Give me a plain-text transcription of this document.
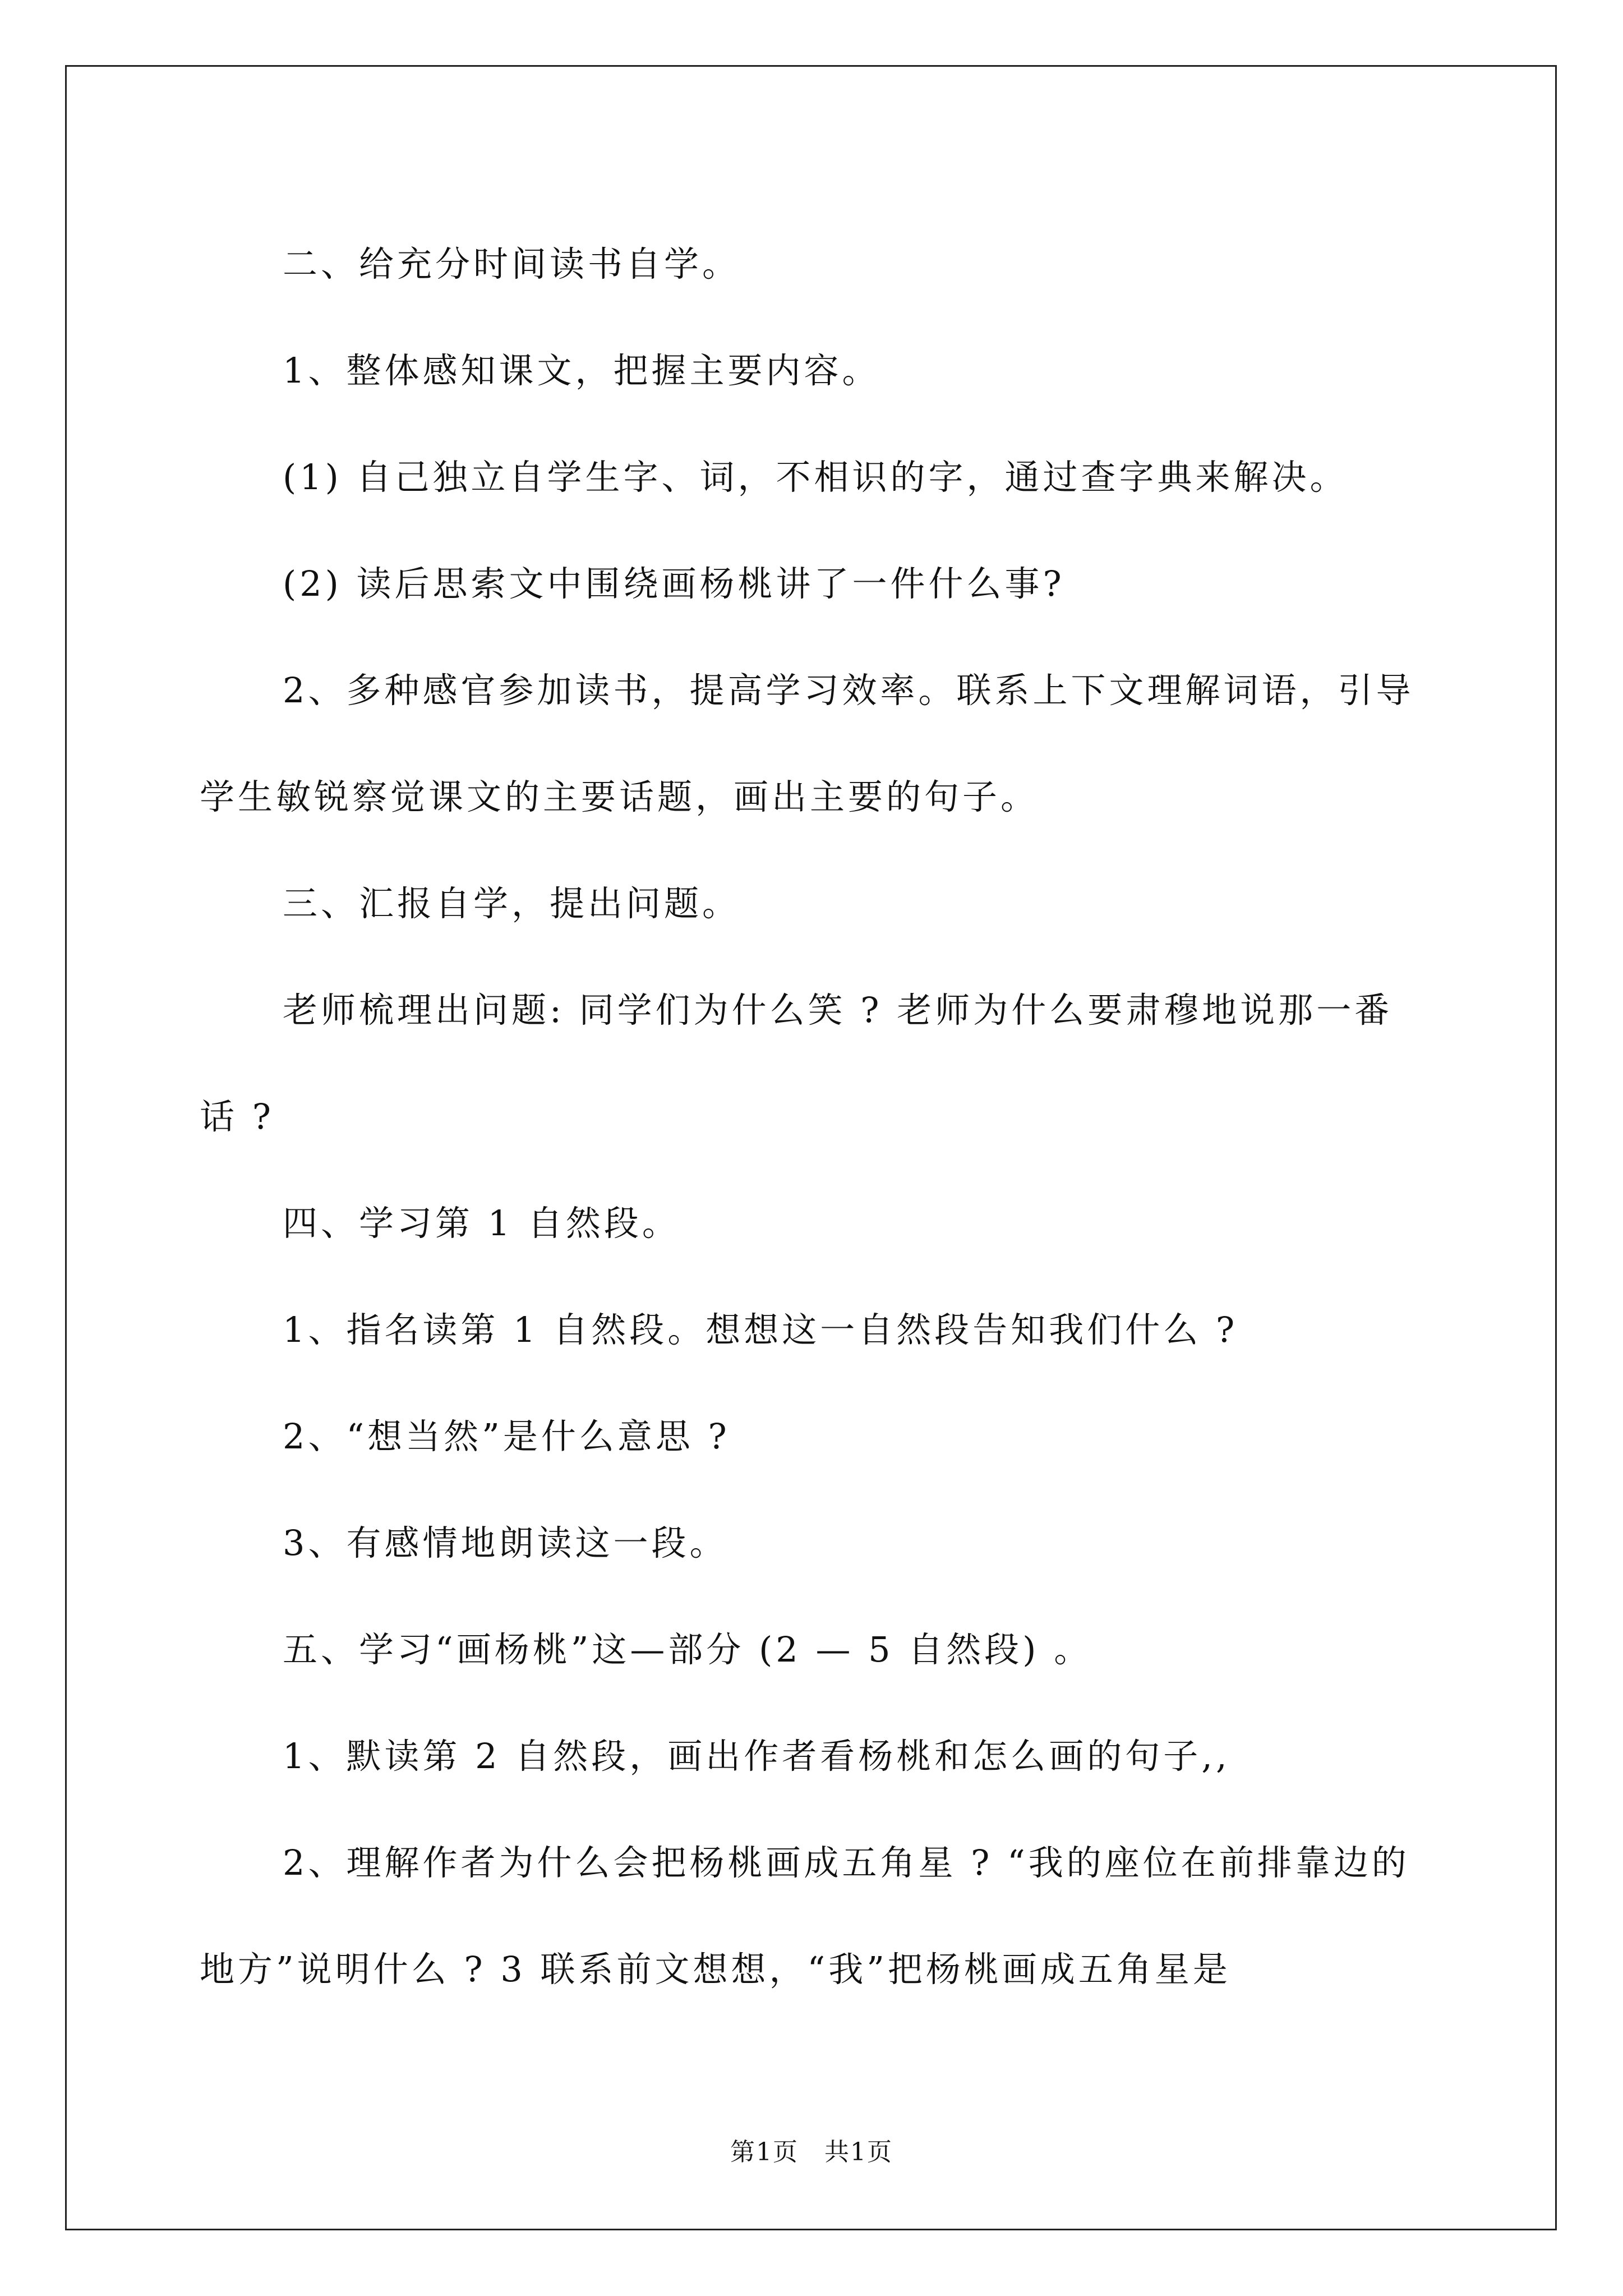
二、给充分时间读书自学。

1、整体感知课文，把握主要内容。

(1) 自己独立自学生字、词，不相识的字，通过查字典来解决。

(2) 读后思索文中围绕画杨桃讲了一件什么事?

2、多种感官参加读书，提高学习效率。联系上下文理解词语，引导学生敏锐察觉课文的主要话题，画出主要的句子。

三、汇报自学，提出问题。

老师梳理出问题: 同学们为什么笑 ? 老师为什么要肃穆地说那一番话 ?

四、学习第 1 自然段。

1、指名读第 1 自然段。想想这一自然段告知我们什么 ?

2、“想当然”是什么意思 ?

3、有感情地朗读这一段。

五、学习“画杨桃”这—部分 (2 — 5 自然段) 。

1、默读第 2 自然段，画出作者看杨桃和怎么画的句子,,

2、理解作者为什么会把杨桃画成五角星 ? “我的座位在前排靠边的地方”说明什么 ? 3 联系前文想想，“我”把杨桃画成五角星是

第1页　共1页
